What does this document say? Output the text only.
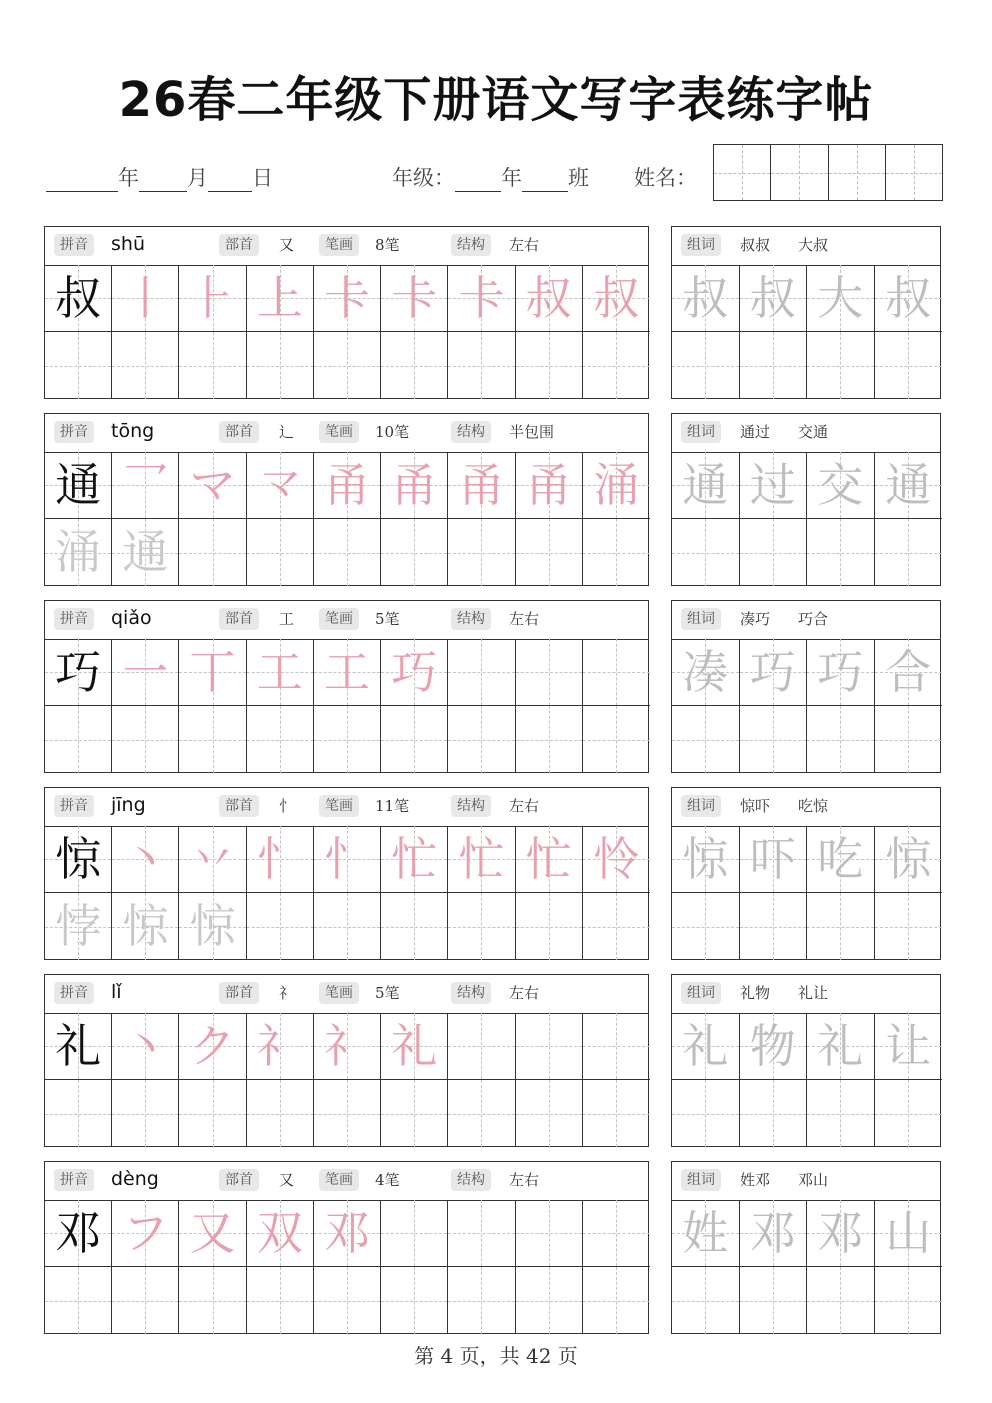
26春二年级下册语文写字表练字帖
年 月 日	年级： 年 班 姓名：
拼音	shū	部首	又	笔画	8笔	结构	左右
叔 丨 ⺊ 上 卡 卡 卡 叔 叔
组词	叔叔 大叔
叔 叔 大 叔
拼音	tōng	部首	辶	笔画	10笔	结构	半包围
通 乛 マ 龴 甬 甬 甬 甬 涌
涌 通
组词	通过 交通
通 过 交 通
拼音	qiǎo	部首	工	笔画	5笔	结构	左右
巧 一 丅 工 工 巧
组词	凑巧 巧合
凑 巧 巧 合
拼音	jīng	部首	忄	笔画	11笔	结构	左右
惊 丶 丷 忄 忄 忙 忙 忙 怜
悖 惊 惊
组词	惊吓 吃惊
惊 吓 吃 惊
拼音	lǐ	部首	礻	笔画	5笔	结构	左右
礼 丶 ク 礻 礻 礼
组词	礼物 礼让
礼 物 礼 让
拼音	dèng	部首	又	笔画	4笔	结构	左右
邓 フ 又 双 邓
组词	姓邓 邓山
姓 邓 邓 山
第 4 页，共 42 页
